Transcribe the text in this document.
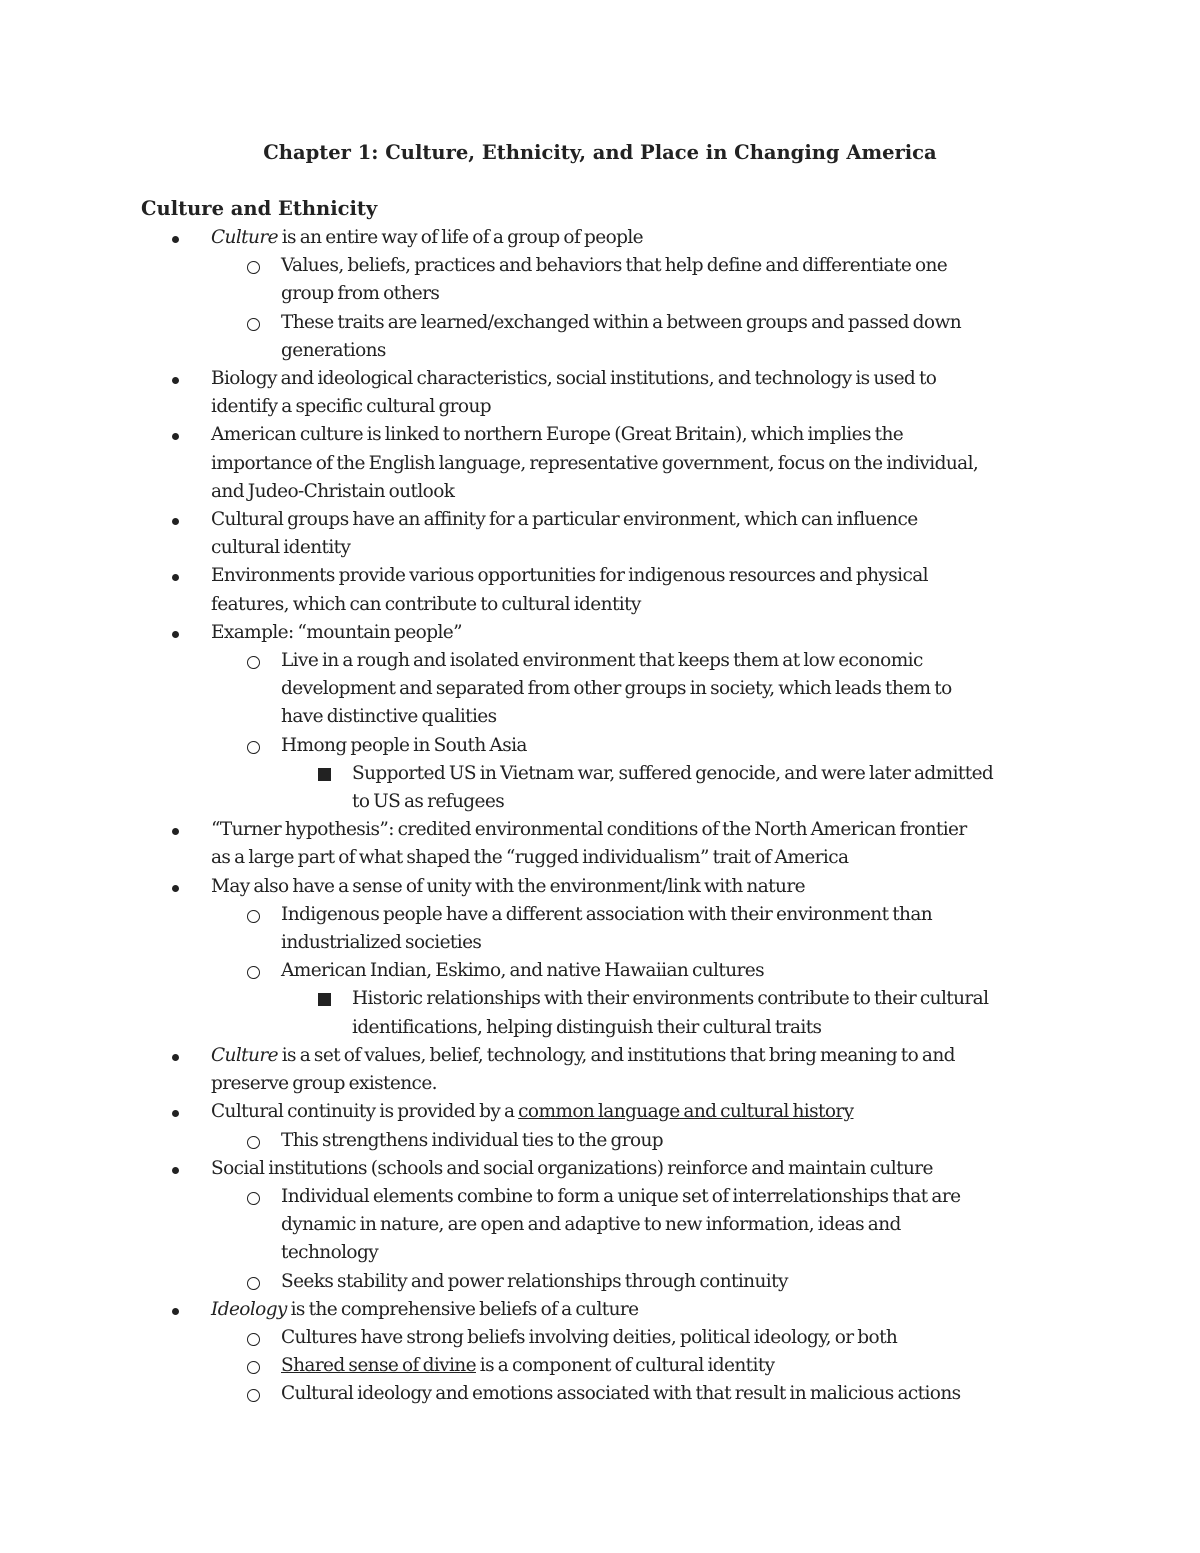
Chapter 1: Culture, Ethnicity, and Place in Changing America
Culture and Ethnicity
Culture is an entire way of life of a group of people
Values, beliefs, practices and behaviors that help define and differentiate one
group from others
These traits are learned/exchanged within a between groups and passed down
generations
Biology and ideological characteristics, social institutions, and technology is used to
identify a specific cultural group
American culture is linked to northern Europe (Great Britain), which implies the
importance of the English language, representative government, focus on the individual,
and Judeo-Christain outlook
Cultural groups have an affinity for a particular environment, which can influence
cultural identity
Environments provide various opportunities for indigenous resources and physical
features, which can contribute to cultural identity
Example: “mountain people”
Live in a rough and isolated environment that keeps them at low economic
development and separated from other groups in society, which leads them to
have distinctive qualities
Hmong people in South Asia
Supported US in Vietnam war, suffered genocide, and were later admitted
to US as refugees
“Turner hypothesis”: credited environmental conditions of the North American frontier
as a large part of what shaped the “rugged individualism” trait of America
May also have a sense of unity with the environment/link with nature
Indigenous people have a different association with their environment than
industrialized societies
American Indian, Eskimo, and native Hawaiian cultures
Historic relationships with their environments contribute to their cultural
identifications, helping distinguish their cultural traits
Culture is a set of values, belief, technology, and institutions that bring meaning to and
preserve group existence.
Cultural continuity is provided by a common language and cultural history
This strengthens individual ties to the group
Social institutions (schools and social organizations) reinforce and maintain culture
Individual elements combine to form a unique set of interrelationships that are
dynamic in nature, are open and adaptive to new information, ideas and
technology
Seeks stability and power relationships through continuity
Ideology is the comprehensive beliefs of a culture
Cultures have strong beliefs involving deities, political ideology, or both
Shared sense of divine is a component of cultural identity
Cultural ideology and emotions associated with that result in malicious actions
